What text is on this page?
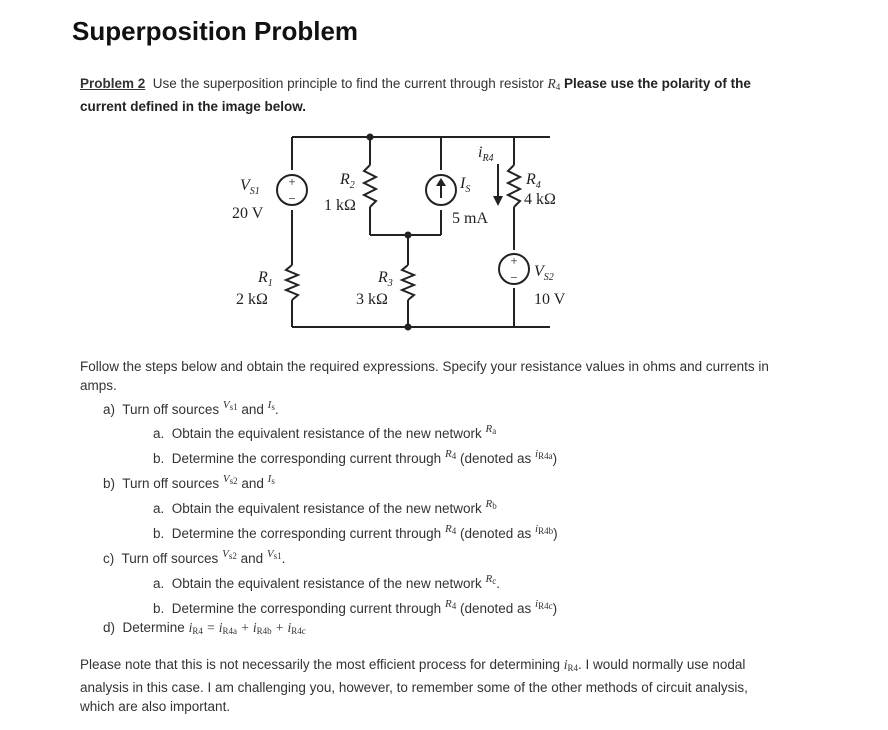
Superposition Problem
Problem 2 Use the superposition principle to find the current through resistor $R_4$ Please use the polarity of the current defined in the image below.
+
−
+
−
$V_{S1}$
20 V
$R_2$
1 kΩ
$I_S$
5 mA
$i_{R4}$
$R_4$
4 kΩ
$R_1$
2 kΩ
$R_3$
3 kΩ
$V_{S2}$
10 V
Follow the steps below and obtain the required expressions. Specify your resistance values in ohms and currents in amps.
a) Turn off sources $^{V_{s1}}$ and $^{I_s}$.
a. Obtain the equivalent resistance of the new network $^{R_a}$
b. Determine the corresponding current through $^{R_4}$ (denoted as $^{i_{R4a}}$)
b) Turn off sources $^{V_{s2}}$ and $^{I_s}$
a. Obtain the equivalent resistance of the new network $^{R_b}$
b. Determine the corresponding current through $^{R_4}$ (denoted as $^{i_{R4b}}$)
c) Turn off sources $^{V_{s2}}$ and $^{V_{s1}}$.
a. Obtain the equivalent resistance of the new network $^{R_c}$.
b. Determine the corresponding current through $^{R_4}$ (denoted as $^{i_{R4c}}$)
d) Determine $i_{R4} = i_{R4a} + i_{R4b} + i_{R4c}$
Please note that this is not necessarily the most efficient process for determining $i_{R4}$. I would normally use nodal analysis in this case. I am challenging you, however, to remember some of the other methods of circuit analysis, which are also important.
